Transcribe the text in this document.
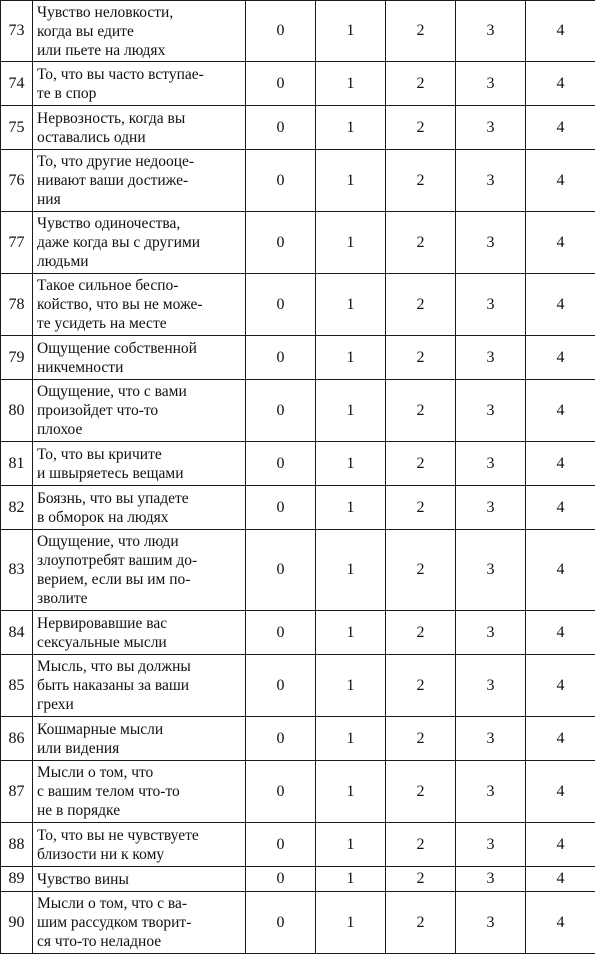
73	Чувство неловкости,
когда вы едите
или пьете на людях	0	1	2	3	4
74	То, что вы часто вступае-
те в спор	0	1	2	3	4
75	Нервозность, когда вы
оставались одни	0	1	2	3	4
76	То, что другие недооце-
нивают ваши достиже-
ния	0	1	2	3	4
77	Чувство одиночества,
даже когда вы с другими
людьми	0	1	2	3	4
78	Такое сильное беспо-
койство, что вы не може-
те усидеть на месте	0	1	2	3	4
79	Ощущение собственной
никчемности	0	1	2	3	4
80	Ощущение, что с вами
произойдет что-то
плохое	0	1	2	3	4
81	То, что вы кричите
и швыряетесь вещами	0	1	2	3	4
82	Боязнь, что вы упадете
в обморок на людях	0	1	2	3	4
83	Ощущение, что люди
злоупотребят вашим до-
верием, если вы им по-
зволите	0	1	2	3	4
84	Нервировавшие вас
сексуальные мысли	0	1	2	3	4
85	Мысль, что вы должны
быть наказаны за ваши
грехи	0	1	2	3	4
86	Кошмарные мысли
или видения	0	1	2	3	4
87	Мысли о том, что
с вашим телом что-то
не в порядке	0	1	2	3	4
88	То, что вы не чувствуете
близости ни к кому	0	1	2	3	4
89	Чувство вины	0	1	2	3	4
90	Мысли о том, что с ва-
шим рассудком творит-
ся что-то неладное	0	1	2	3	4
